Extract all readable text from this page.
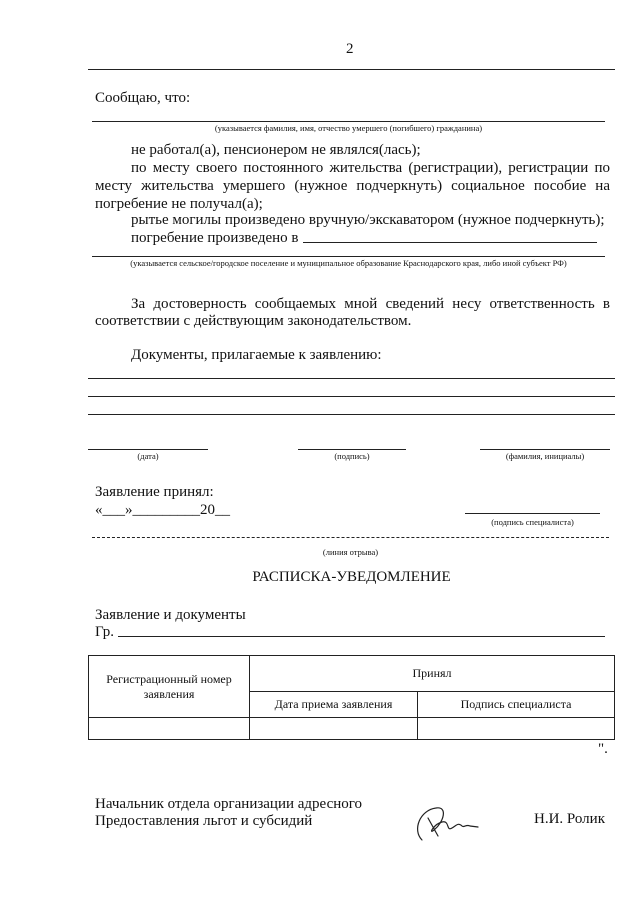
2
Сообщаю, что:
(указывается фамилия, имя, отчество умершего (погибшего) гражданина)
не работал(а), пенсионером не являлся(лась);
по месту своего постоянного жительства (регистрации), регистрации по
месту жительства умершего (нужное подчеркнуть) социальное пособие на
погребение не получал(а);
рытье могилы произведено вручную/экскаватором (нужное подчеркнуть);
погребение произведено в
(указывается сельское/городское поселение и муниципальное образование Краснодарского края, либо иной субъект РФ)
За достоверность сообщаемых мной сведений несу ответственность в
соответствии с действующим законодательством.
Документы, прилагаемые к заявлению:
(дата)	(подпись)	(фамилия, инициалы)
Заявление принял:
«___»_________20__
(подпись специалиста)
(линия отрыва)
РАСПИСКА-УВЕДОМЛЕНИЕ
Заявление и документы
Гр.
Регистрационный номер заявления	Принял	
	Дата приема заявления	Подпись специалиста

".
Начальник отдела организации адресного
Предоставления льгот и субсидий	Н.И. Ролик
